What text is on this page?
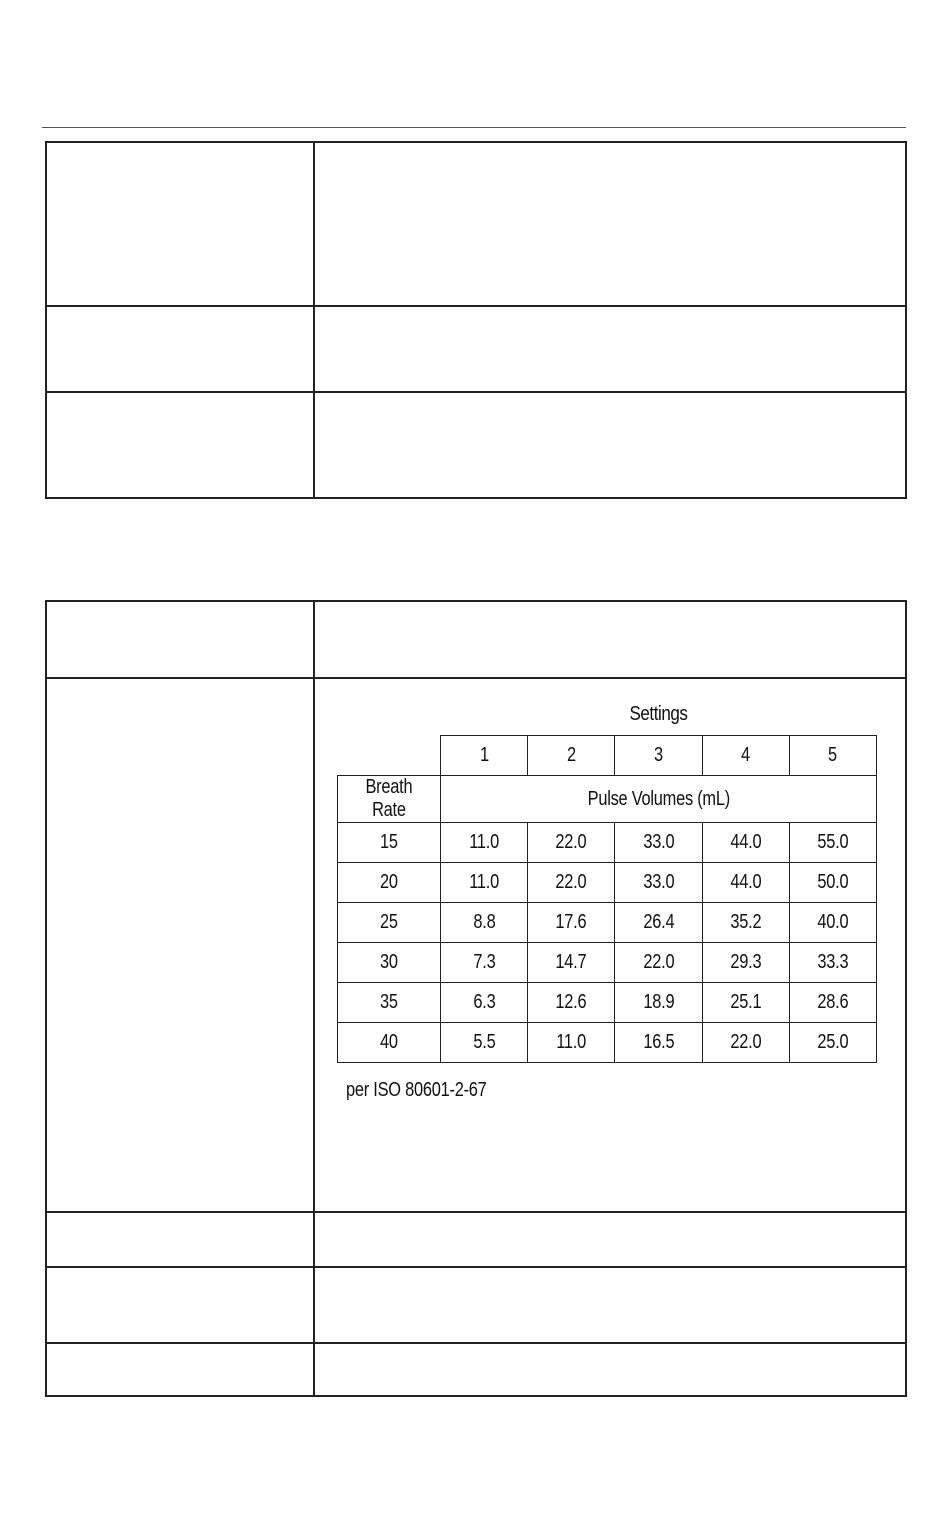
Settings
	1	2	3	4	5
Breath Rate	Pulse Volumes (mL)				
15	11.0	22.0	33.0	44.0	55.0
20	11.0	22.0	33.0	44.0	50.0
25	8.8	17.6	26.4	35.2	40.0
30	7.3	14.7	22.0	29.3	33.3
35	6.3	12.6	18.9	25.1	28.6
40	5.5	11.0	16.5	22.0	25.0
per ISO 80601-2-67
